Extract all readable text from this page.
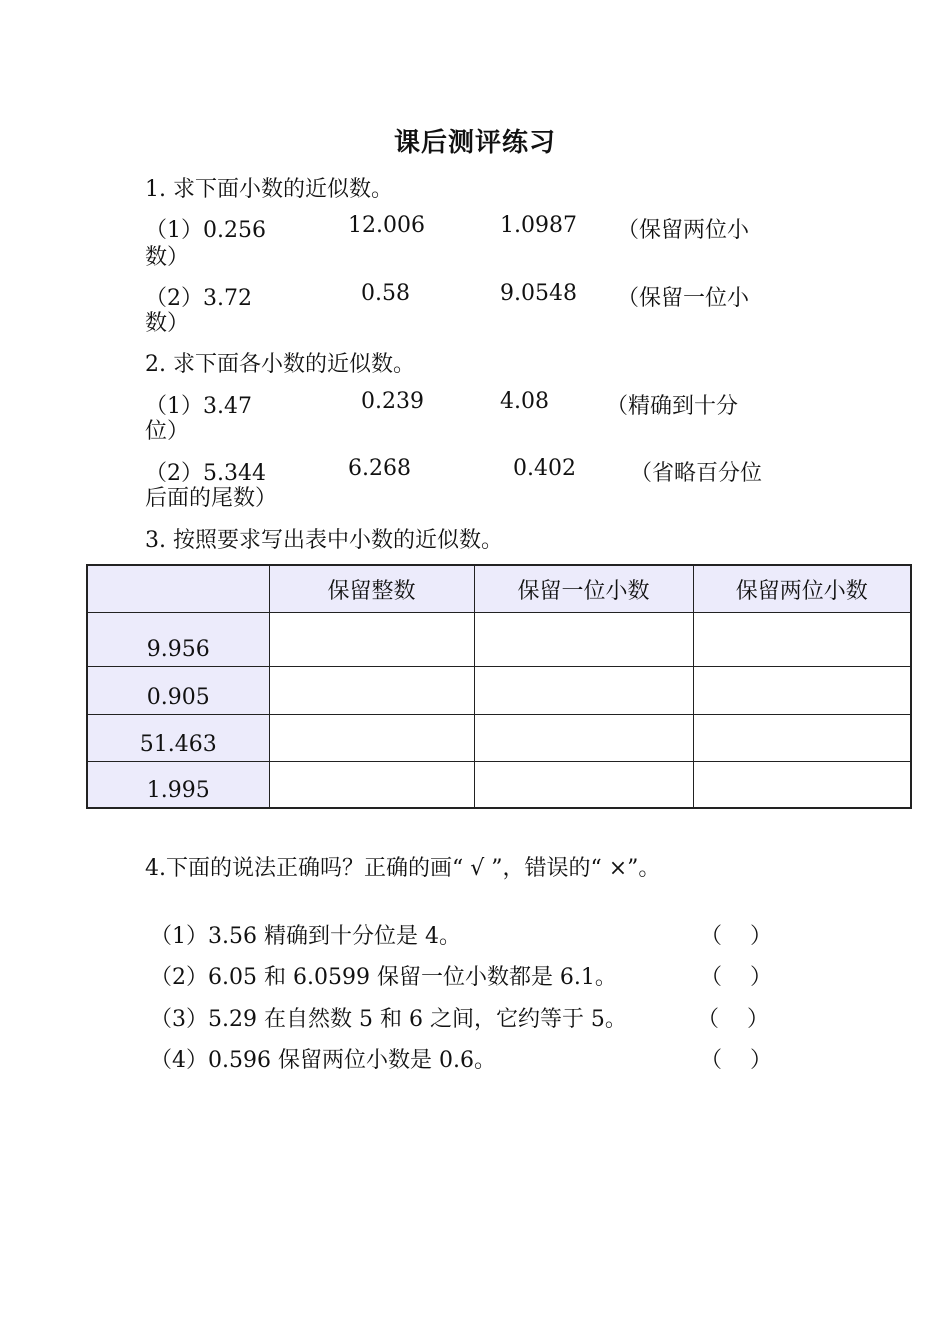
课后测评练习
1. 求下面小数的近似数。
（1）0.256	12.006	1.0987 （保留两位小
数）
（2）3.72	0.58	9.0548 （保留一位小
数）
2. 求下面各小数的近似数。
（1）3.47	0.239	4.08	（精确到十分
位）
（2）5.344	6.268	0.402 （省略百分位
后面的尾数）
3. 按照要求写出表中小数的近似数。
	保留整数	保留一位小数	保留两位小数
9.956			
0.905			
51.463			
1.995			
4.下面的说法正确吗？正确的画“ √ ”，错误的“ ×”。
（1）3.56 精确到十分位是 4。	（    ）
（2）6.05 和 6.0599 保留一位小数都是 6.1。	（    ）
（3）5.29 在自然数 5 和 6 之间，它约等于 5。	（    ）
（4）0.596 保留两位小数是 0.6。	（    ）
